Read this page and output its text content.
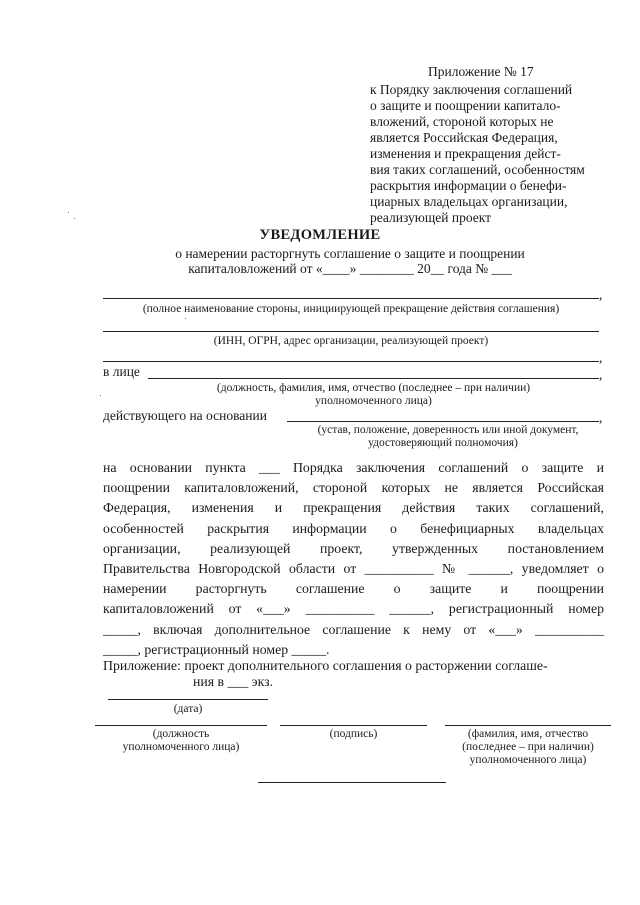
Приложение № 17
к Порядку заключения соглашений
о защите и поощрении капитало-
вложений, стороной которых не
является Российская Федерация,
изменения и прекращения дейст-
вия таких соглашений, особенностям
раскрытия информации о бенефи-
циарных владельцах организации,
реализующей проект
УВЕДОМЛЕНИЕ
о намерении расторгнуть соглашение о защите и поощрении
капиталовложений от «____» ________ 20__ года № ___
,
(полное наименование стороны, инициирующей прекращение действия соглашения)
(ИНН, ОГРН, адрес организации, реализующей проект)
,
в лице	,
(должность, фамилия, имя, отчество (последнее – при наличии)
уполномоченного лица)
действующего на основании	,
(устав, положение, доверенность или иной документ,
удостоверяющий полномочия)
на основании пункта ___ Порядка заключения соглашений о защите и
поощрении капиталовложений, стороной которых не является Российская
Федерация, изменения и прекращения действия таких соглашений,
особенностей раскрытия информации о бенефициарных владельцах
организации, реализующей проект, утвержденных постановлением
Правительства Новгородской области от __________ № ______, уведомляет о
намерении расторгнуть соглашение о защите и поощрении
капиталовложений от «___» __________ ______, регистрационный номер
_____, включая дополнительное соглашение к нему от «___» __________
_____, регистрационный номер _____.
Приложение: проект дополнительного соглашения о расторжении соглаше-
ния в ___ экз.
(дата)
(должность
уполномоченного лица)
(подпись)	(фамилия, имя, отчество
(последнее – при наличии)
уполномоченного лица)
